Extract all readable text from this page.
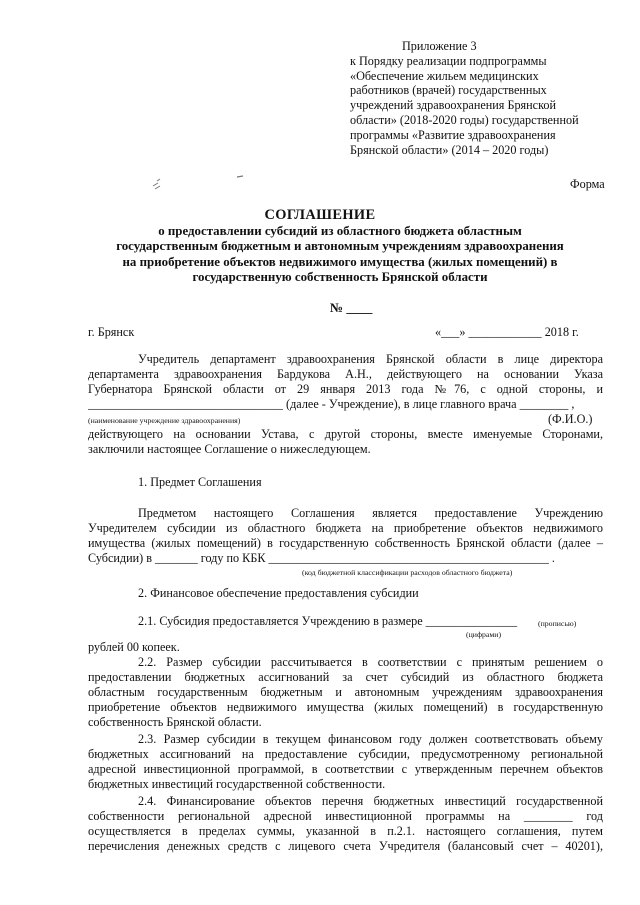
Приложение 3
к Порядку реализации подпрограммы
«Обеспечение жильем медицинских
работников (врачей) государственных
учреждений здравоохранения Брянской
области» (2018-2020 годы) государственной
программы «Развитие здравоохранения
Брянской области» (2014 – 2020 годы)
Форма
СОГЛАШЕНИЕ
о предоставлении субсидий из областного бюджета областным
государственным бюджетным и автономным учреждениям здравоохранения
на приобретение объектов недвижимого имущества (жилых помещений) в
государственную собственность Брянской области
№ ____
г. Брянск	«___» ____________ 2018 г.
Учредитель департамент здравоохранения Брянской области в лице директора
департамента здравоохранения Бардукова А.Н., действующего на основании Указа
Губернатора Брянской области от 29 января 2013 года №76, с одной стороны, и
________________________________ (далее - Учреждение), в лице главного врача ________ ,
(наименование учреждение здравоохранения)	(Ф.И.О.)
действующего на основании Устава, с другой стороны, вместе именуемые Сторонами,
заключили настоящее Соглашение о нижеследующем.
1. Предмет Соглашения
Предметом настоящего Соглашения является предоставление Учреждению
Учредителем субсидии из областного бюджета на приобретение объектов недвижимого
имущества (жилых помещений) в государственную собственность Брянской области (далее –
Субсидии) в _______ году по КБК ______________________________________________ .
(код бюджетной классификации расходов областного бюджета)
2. Финансовое обеспечение предоставления субсидии
2.1. Субсидия предоставляется Учреждению в размере _______________	(прописью)
(цифрами)
рублей 00 копеек.
2.2. Размер субсидии рассчитывается в соответствии с принятым решением о
предоставлении бюджетных ассигнований за счет субсидий из областного бюджета
областным государственным бюджетным и автономным учреждениям здравоохранения
приобретение объектов недвижимого имущества (жилых помещений) в государственную
собственность Брянской области.
2.3. Размер субсидии в текущем финансовом году должен соответствовать объему
бюджетных ассигнований на предоставление субсидии, предусмотренному региональной
адресной инвестиционной программой, в соответствии с утвержденным перечнем объектов
бюджетных инвестиций государственной собственности.
2.4. Финансирование объектов перечня бюджетных инвестиций государственной
собственности региональной адресной инвестиционной программы на ________ год
осуществляется в пределах суммы, указанной в п.2.1. настоящего соглашения, путем
перечисления денежных средств с лицевого счета Учредителя (балансовый счет – 40201),
